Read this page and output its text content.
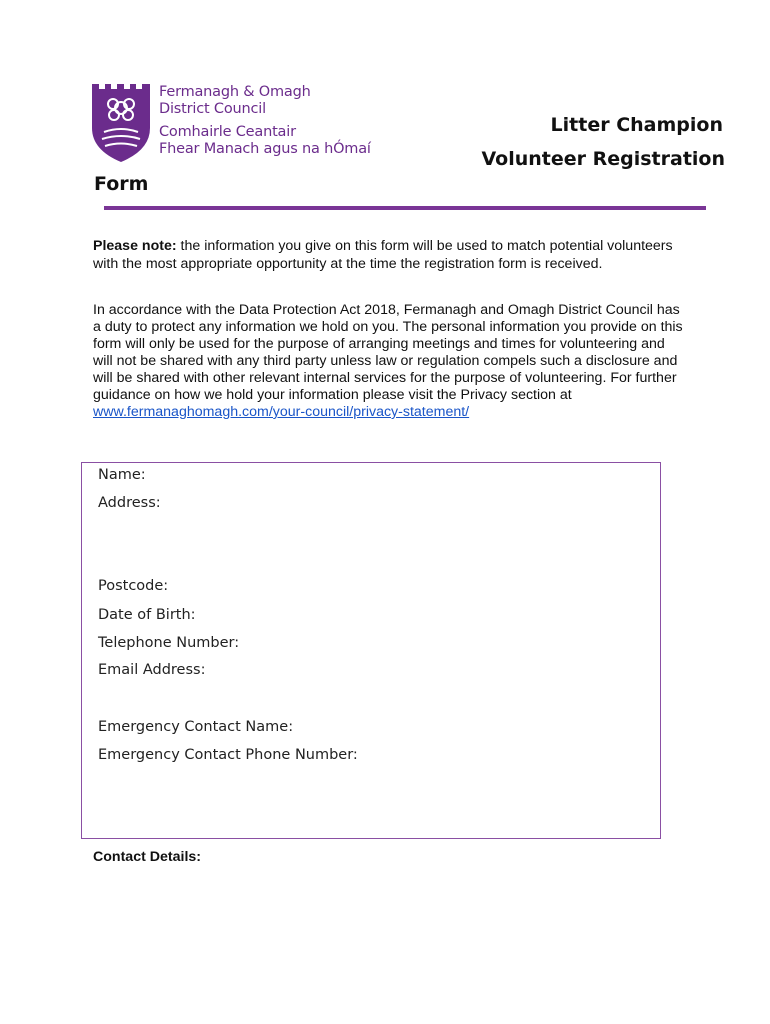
Fermanagh & Omagh
District Council
Comhairle Ceantair
Fhear Manach agus na hÓmaí
Litter Champion
Volunteer Registration
Form
Please note: the information you give on this form will be used to match potential volunteers with the most appropriate opportunity at the time the registration form is received.
In accordance with the Data Protection Act 2018, Fermanagh and Omagh District Council has a duty to protect any information we hold on you. The personal information you provide on this form will only be used for the purpose of arranging meetings and times for volunteering and will not be shared with any third party unless law or regulation compels such a disclosure and will be shared with other relevant internal services for the purpose of volunteering. For further guidance on how we hold your information please visit the Privacy section at www.fermanaghomagh.com/your-council/privacy-statement/
Name:
Address:
Postcode:
Date of Birth:
Telephone Number:
Email Address:
Emergency Contact Name:
Emergency Contact Phone Number:
Contact Details:
